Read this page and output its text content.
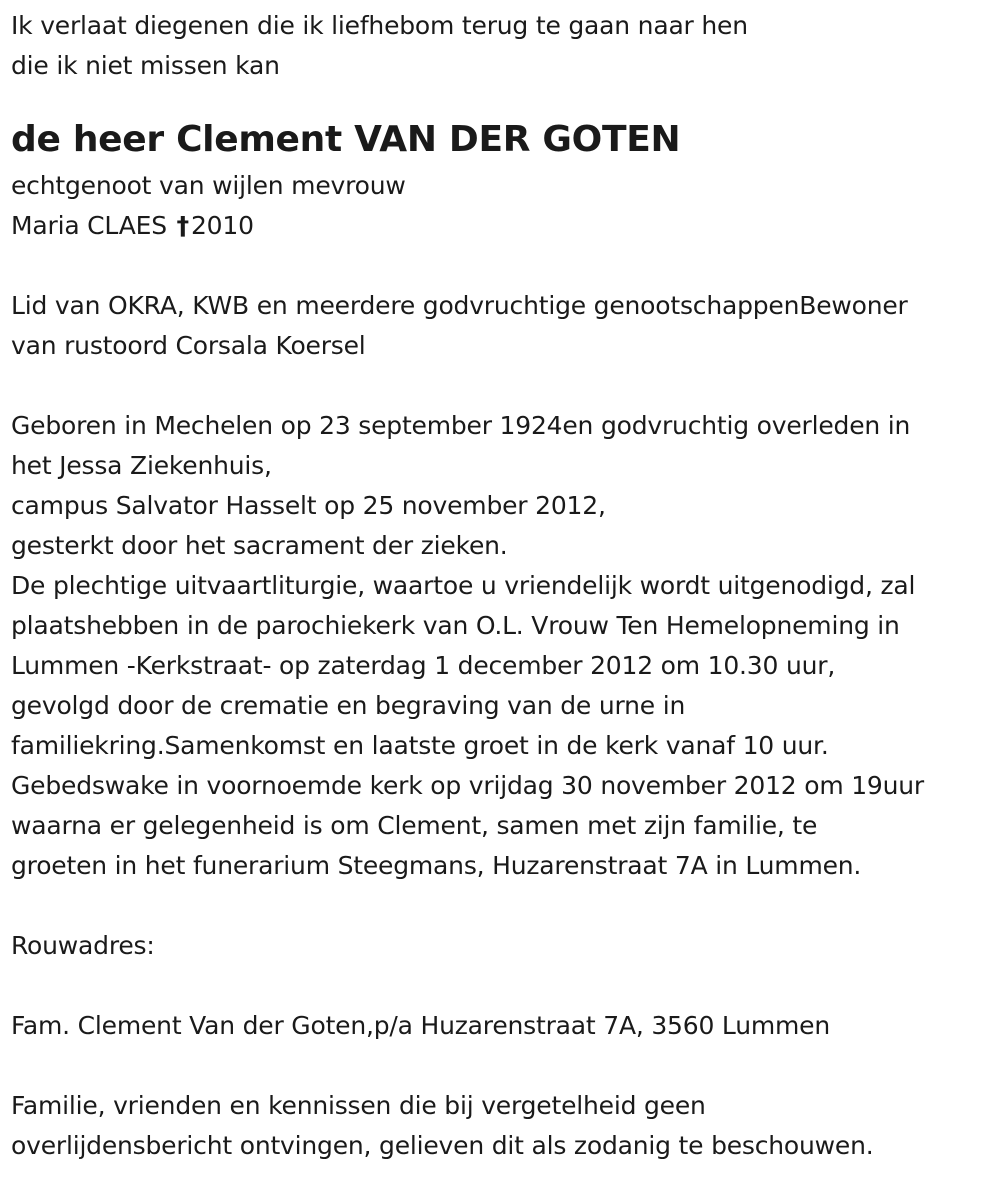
Ik verlaat diegenen die ik liefhebom terug te gaan naar hen
die ik niet missen kan
de heer Clement VAN DER GOTEN
echtgenoot van wijlen mevrouw
Maria CLAES †2010
Lid van OKRA, KWB en meerdere godvruchtige genootschappenBewoner
van rustoord Corsala Koersel
Geboren in Mechelen op 23 september 1924en godvruchtig overleden in
het Jessa Ziekenhuis,
campus Salvator Hasselt op 25 november 2012,
gesterkt door het sacrament der zieken.
De plechtige uitvaartliturgie, waartoe u vriendelijk wordt uitgenodigd, zal
plaatshebben in de parochiekerk van O.L. Vrouw Ten Hemelopneming in
Lummen -Kerkstraat- op zaterdag 1 december 2012 om 10.30 uur,
gevolgd door de crematie en begraving van de urne in
familiekring.Samenkomst en laatste groet in de kerk vanaf 10 uur.
Gebedswake in voornoemde kerk op vrijdag 30 november 2012 om 19uur
waarna er gelegenheid is om Clement, samen met zijn familie, te
groeten in het funerarium Steegmans, Huzarenstraat 7A in Lummen.
Rouwadres:
Fam. Clement Van der Goten,p/a Huzarenstraat 7A, 3560 Lummen
Familie, vrienden en kennissen die bij vergetelheid geen
overlijdensbericht ontvingen, gelieven dit als zodanig te beschouwen.
